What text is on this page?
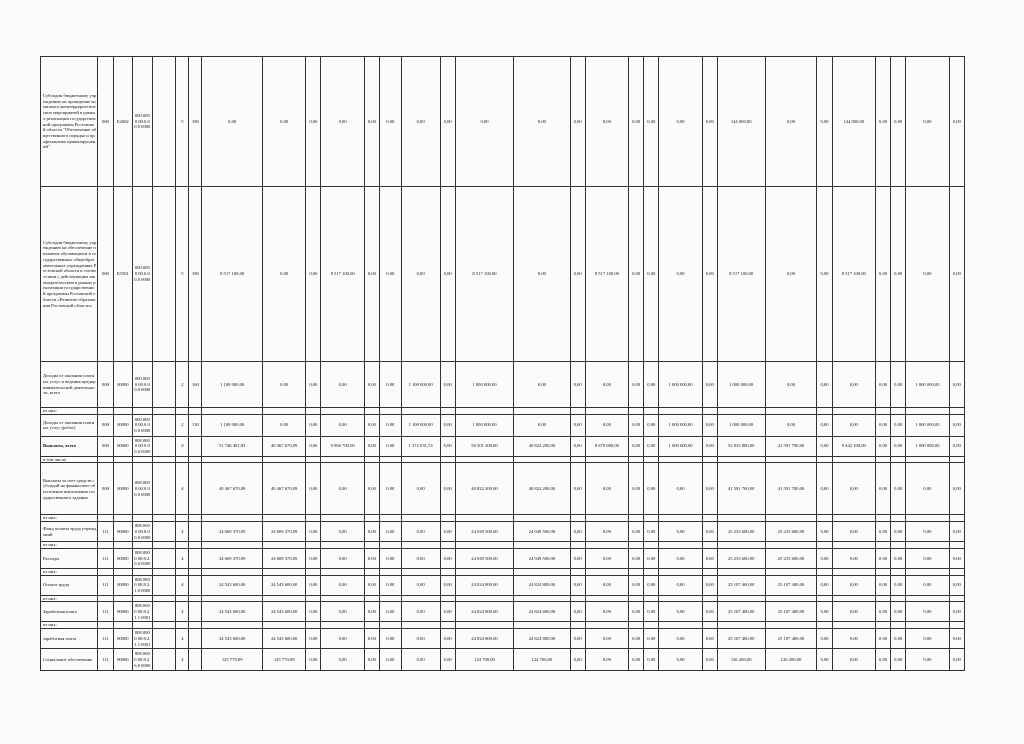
Субсидии бюджетному учреждению на проведение комплекса антитеррористических мероприятий в рамках реализации государственной программы Ростовской области "Обеспечение общественного порядка и профилактика правонарушений"	000	Б2602	000.0000 00.0.00.0 0000		5	180	0,00	0,00	0,00	0,00	0,00	0,00	0,00	0,00	0,00	0,00	0,00	0,00	0,00	0,00	0,00	0,00	144 000,00	0,00	0,00	144 000,00	0,00	0,00	0,00	0,00
Субсидии бюджетному учреждению на обеспечение питанием обучающихся в государственных общеобразовательных учреждениях Ростовской области в соответствии с действующим законодательством в рамках реализации государственной программы Ростовской области «Развитие образования Ростовской области»	000	Б5501	000.0000 00.0.00.0 0000		5	180	8 517 100,00	0,00	0,00	8 517 100,00	0,00	0,00	0,00	0,00	8 517 100,00	0,00	0,00	8 517 100,00	0,00	0,00	0,00	0,00	8 517 100,00	0,00	0,00	8 517 100,00	0,00	0,00	0,00	0,00
Доходы от оказания платных услуг и ведения предпринимательской деятельности, всего	000	00000	000.0000 00.0.00.0 0000		2	160	1 100 000,00	0,00	0,00	0,00	0,00	0,00	1 100 000,00	0,00	1 000 000,00	0,00	0,00	0,00	0,00	0,00	1 000 000,00	0,00	1 000 000,00	0,00	0,00	0,00	0,00	0,00	1 000 000,00	0,00
из них:																														
Доходы от оказания платных услуг (работ)	000	00000	000.0000 00.0.00.0 0000		2	130	1 100 000,00	0,00	0,00	0,00	0,00	0,00	1 100 000,00	0,00	1 000 000,00	0,00	0,00	0,00	0,00	0,00	1 000 000,00	0,00	1 000 000,00	0,00	0,00	0,00	0,00	0,00	1 000 000,00	0,00
Выплаты, всего	000	00000	808.0000 00.0.00.0 0000		0		51 746 401,83	40 467 670,09	0,00	9 906 700,00	0,00	0,00	1 372 031,74	0,00	50 501 200,00	40 822 200,00	0,00	8 679 000,00	0,00	0,00	1 000 000,00	0,00	52 033 800,00	41 591 700,00	0,00	9 442 100,00	0,00	0,00	1 000 000,00	0,00
в том числе:																														
Выплаты за счет средств субсидий на финансовое обеспечение выполнения государственного задания	000	00000	808.0000 00.0.00.0 0000		4		40 467 670,09	40 467 670,09	0,00	0,00	0,00	0,00	0,00	0,00	40 822 200,00	40 822 200,00	0,00	0,00	0,00	0,00	0,00	0,00	41 591 700,00	41 591 700,00	0,00	0,00	0,00	0,00	0,00	0,00
из них:																														
Фонд оплаты труда учреждений	111	00000	808.0000 00.8.00.0 0000		4		24 669 370,09	24 669 370,09	0,00	0,00	0,00	0,00	0,00	0,00	24 949 500,00	24 949 500,00	0,00	0,00	0,00	0,00	0,00	0,00	25 233 600,00	25 233 600,00	0,00	0,00	0,00	0,00	0,00	0,00
из них:																														
Расходы	111	00000	808.0000 00.8.2.0.0 0000		4		24 669 370,09	24 669 370,09	0,00	0,00	0,00	0,00	0,00	0,00	24 949 500,00	24 949 500,00	0,00	0,00	0,00	0,00	0,00	0,00	25 233 600,00	25 233 600,00	0,00	0,00	0,00	0,00	0,00	0,00
из них:																														
Оплата труда	111	00000	808.0000 00.8.2.1.0 0000		4		24 543 600,00	24 543 600,00	0,00	0,00	0,00	0,00	0,00	0,00	24 824 800,00	24 824 800,00	0,00	0,00	0,00	0,00	0,00	0,00	25 107 400,00	25 107 400,00	0,00	0,00	0,00	0,00	0,00	0,00
из них:																														
Заработная плата	111	00000	808.0000 00.8.2.1.1 0001		4		24 543 600,00	24 543 600,00	0,00	0,00	0,00	0,00	0,00	0,00	24 824 800,00	24 824 800,00	0,00	0,00	0,00	0,00	0,00	0,00	25 107 400,00	25 107 400,00	0,00	0,00	0,00	0,00	0,00	0,00
из них:																														
заработная плата	111	00000	808.0000 00.8.2.1.1 0001		4		24 543 600,00	24 543 600,00	0,00	0,00	0,00	0,00	0,00	0,00	24 824 800,00	24 824 800,00	0,00	0,00	0,00	0,00	0,00	0,00	25 107 400,00	25 107 400,00	0,00	0,00	0,00	0,00	0,00	0,00
Социальное обеспечение	111	00000	808.0000 00.8.2.6.0 0000		4		125 770,09	125 770,09	0,00	0,00	0,00	0,00	0,00	0,00	124 700,00	124 700,00	0,00	0,00	0,00	0,00	0,00	0,00	126 200,00	126 200,00	0,00	0,00	0,00	0,00	0,00	0,00
